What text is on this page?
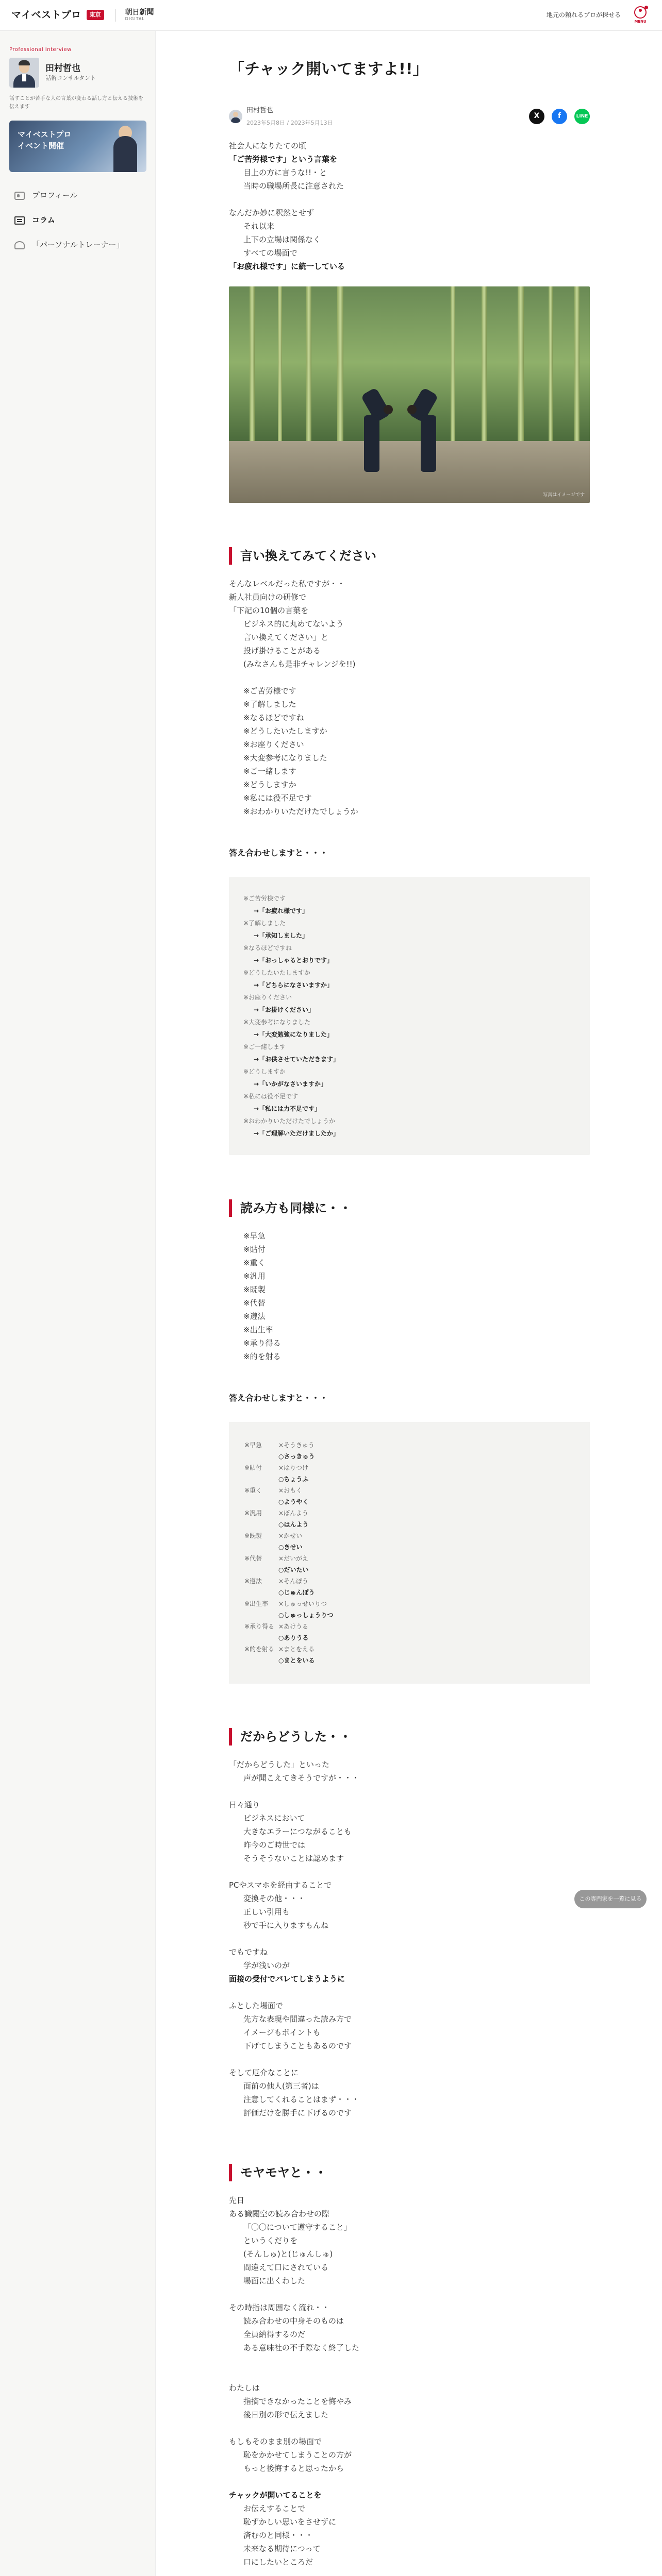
マイベストプロ	東京	朝日新聞
DIGITAL	地元の頼れるプロが探せる
MENU
Professional Interview
田村哲也
話術コンサルタント
話すことが苦手な人の言葉が変わる話し方と伝える技術を伝えます
マイベストプロ
イベント開催
プロフィール
コラム
「パーソナルトレーナー」
「チャック開いてますよ!!」
田村哲也
2023年5月8日 / 2023年5月13日
X	f	LINE
社会人になりたての頃
「ご苦労様です」という言葉を
目上の方に言うな!!・と
当時の職場所長に注意された
なんだか妙に釈然とせず
それ以来
上下の立場は関係なく
すべての場面で
「お疲れ様です」に統一している
写真はイメージです
言い換えてみてください
そんなレベルだった私ですが・・
新人社員向けの研修で
「下記の10個の言葉を
ビジネス的に丸めてないよう
言い換えてください」と
投げ掛けることがある
(みなさんも是非チャレンジを!!)
※ご苦労様です
※了解しました
※なるほどですね
※どうしたいたしますか
※お座りください
※大変参考になりました
※ご一緒します
※どうしますか
※私には役不足です
※おわかりいただけたでしょうか
答え合わせしますと・・・
※ご苦労様です
→「お疲れ様です」
※了解しました
→「承知しました」
※なるほどですね
→「おっしゃるとおりです」
※どうしたいたしますか
→「どちらになさいますか」
※お座りください
→「お掛けください」
※大変参考になりました
→「大変勉強になりました」
※ご一緒します
→「お供させていただきます」
※どうしますか
→「いかがなさいますか」
※私には役不足です
→「私には力不足です」
※おわかりいただけたでしょうか
→「ご理解いただけましたか」
読み方も同様に・・
※早急
※貼付
※重く
※汎用
※既製
※代替
※遵法
※出生率
※承り得る
※的を射る
答え合わせしますと・・・
※早急	×そうきゅう
○さっきゅう
※貼付	×はりつけ
○ちょうふ
※重く	×おもく
○ようやく
※汎用	×ぼんよう
○はんよう
※既製	×かせい
○きせい
※代替	×だいがえ
○だいたい
※遵法	×そんぽう
○じゅんぽう
※出生率	×しゅっせいりつ
○しゅっしょうりつ
※承り得る ×あけうる
○ありうる
※的を射る ×まとをえる
○まとをいる
だからどうした・・
「だからどうした」といった
声が聞こえてきそうですが・・・
日々通り
ビジネスにおいて
大きなエラーにつながることも
昨今のご時世では
そうそうないことは認めます
PCやスマホを経由することで
変換その他・・・
正しい引用も
秒で手に入りますもんね
でもですね
学が浅いのが
面接の受付でバレてしまうように
ふとした場面で
先方な表現や間違った読み方で
イメージもポイントも
下げてしまうこともあるのです
そして厄介なことに
面前の他人(第三者)は
注意してくれることはまず・・・
評価だけを勝手に下げるのです
モヤモヤと・・
先日
ある識閲空の読み合わせの際
「〇〇について遵守すること」
というくだりを
(そんしゅ)と(じゅんしゅ)
間違えて口にされている
場面に出くわした
その時指は周囲なく流れ・・
読み合わせの中身そのものは
全員納得するのだ
ある意味社の不手際なく終了した
わたしは
指摘できなかったことを悔やみ
後日別の形で伝えました
もしもそのまま別の場面で
恥をかかせてしまうことの方が
もっと後悔すると思ったから
チャックが開いてることを
お伝えすることで
恥ずかしい思いをさせずに
済むのと同様・・・
未来なる期待につって
口にしたいところだ
この専門家を一覧に見る
